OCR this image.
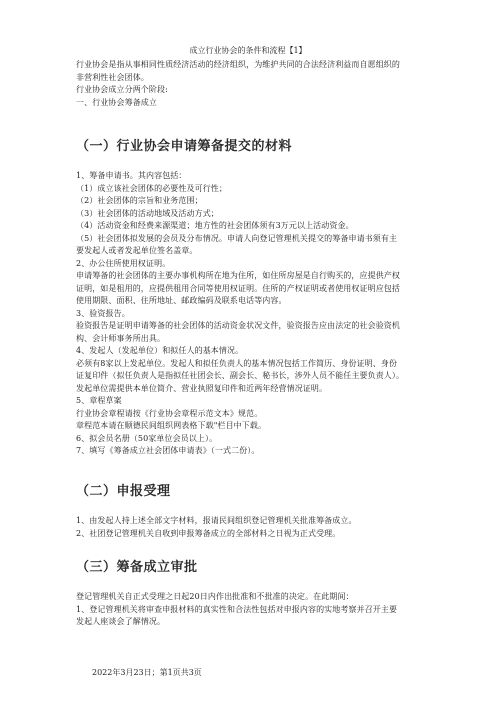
成立行业协会的条件和流程【1】

行业协会是指从事相同性质经济活动的经济组织，为维护共同的合法经济利益而自愿组织的

非营利性社会团体。

行业协会成立分两个阶段:

一、行业协会筹备成立

（一）行业协会申请筹备提交的材料

1、筹备申请书。其内容包括：

（1）成立该社会团体的必要性及可行性；

（2）社会团体的宗旨和业务范围；

（3）社会团体的活动地域及活动方式；

（4）活动资金和经费来源渠道；地方性的社会团体须有3万元以上活动资金。

（5）社会团体拟发展的会员及分布情况。申请人向登记管理机关提交的筹备申请书须有主

要发起人或者发起单位签名盖章。

2、办公住所使用权证明。

申请筹备的社会团体的主要办事机构所在地为住所，如住所房屋是自行购买的，应提供产权

证明，如是租用的，应提供租用合同等使用权证明。住所的产权证明或者使用权证明应包括

使用期限、面积、住所地址、邮政编码及联系电话等内容。

3、验资报告。

验资报告是证明申请筹备的社会团体的活动资金状况文件，验资报告应由法定的社会验资机

构、会计师事务所出具。

4、发起人（发起单位）和拟任人的基本情况。

必须有8家以上发起单位。发起人和拟任负责人的基本情况包括工作简历、身份证明、身份

证复印件（拟任负责人是指拟任社团会长、副会长、秘书长，涉外人员不能任主要负责人）。

发起单位需提供本单位简介、营业执照复印件和近两年经营情况证明。

5、章程草案

行业协会章程请按《行业协会章程示范文本》规范。

章程范本请在顺德民间组织网表格下载"栏目中下载。

6、拟会员名册（50家单位会员以上）。

7、填写《筹备成立社会团体申请表》（一式二份）。

（二）申报受理

1、由发起人持上述全部文字材料，报请民间组织登记管理机关批准筹备成立。

2、社团登记管理机关自收到申报筹备成立的全部材料之日视为正式受理。

（三）筹备成立审批

登记管理机关自正式受理之日起20日内作出批准和不批准的决定。在此期间：

1、登记管理机关将审查申报材料的真实性和合法性包括对申报内容的实地考察并召开主要

发起人座谈会了解情况。

2022年3月23日；第1页共3页
